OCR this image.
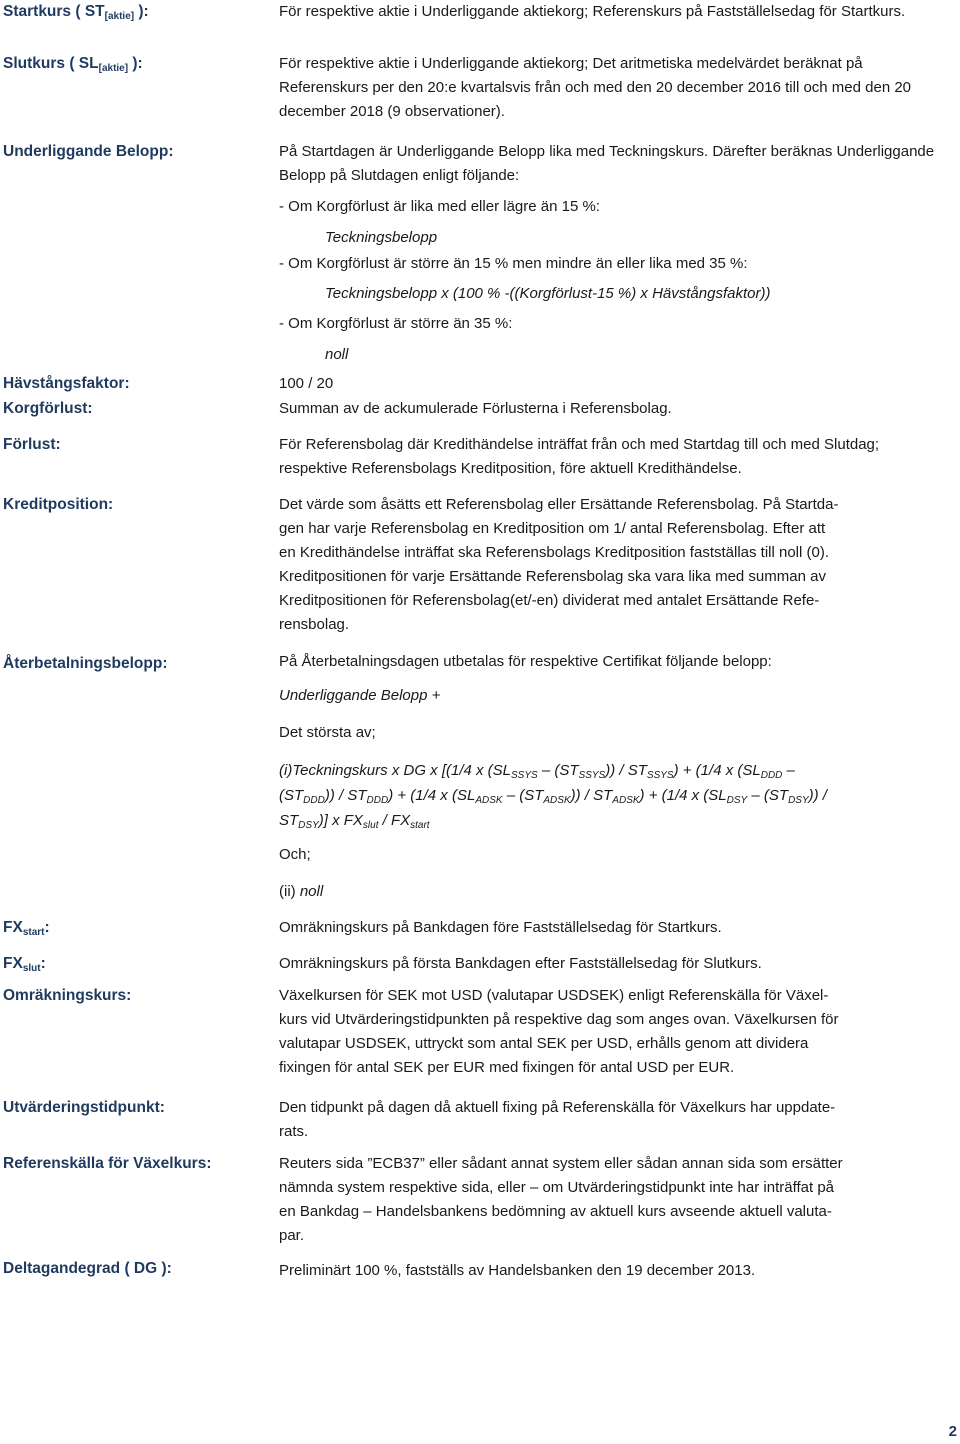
Startkurs ( $ST_{[aktie]}$ ):
Slutkurs ( $SL_{[aktie]}$ ):
Underliggande Belopp:
Hävstångsfaktor:
Korgförlust:
Förlust:
Kreditposition:
Återbetalningsbelopp:
$FX_{start}$:
$FX_{slut}$:
Omräkningskurs:
Utvärderingstidpunkt:
Referenskälla för Växelkurs:
Deltagandegrad ( DG ):
För respektive aktie i Underliggande aktiekorg; Referenskurs på Fastställelsedag för Startkurs.
För respektive aktie i Underliggande aktiekorg; Det aritmetiska medelvärdet beräknat på Referenskurs per den 20:e kvartalsvis från och med den 20 december 2016 till och med den 20 december 2018 (9 observationer).
På Startdagen är Underliggande Belopp lika med Teckningskurs. Därefter beräknas Underliggande Belopp på Slutdagen enligt följande:
- Om Korgförlust är lika med eller lägre än 15 %:
Teckningsbelopp
- Om Korgförlust är större än 15 % men mindre än eller lika med 35 %:
Teckningsbelopp x (100 % -((Korgförlust-15 %) x Hävstångsfaktor))
- Om Korgförlust är större än 35 %:
noll
100 / 20
Summan av de ackumulerade Förlusterna i Referensbolag.
För Referensbolag där Kredithändelse inträffat från och med Startdag till och med Slutdag; respektive Referensbolags Kreditposition, före aktuell Kredithändelse.
Det värde som åsätts ett Referensbolag eller Ersättande Referensbolag. På Startda-
gen har varje Referensbolag en Kreditposition om 1/ antal Referensbolag. Efter att
en Kredithändelse inträffat ska Referensbolags Kreditposition fastställas till noll (0).
Kreditpositionen för varje Ersättande Referensbolag ska vara lika med summan av
Kreditpositionen för Referensbolag(et/-en) dividerat med antalet Ersättande Refe-
rensbolag.
På Återbetalningsdagen utbetalas för respektive Certifikat följande belopp:
Underliggande Belopp +
Det största av;
(i)Teckningskurs x DG x [(1/4 x $(SL_{SSYS} - (ST_{SSYS})) / ST_{SSYS}) + (1/4$ x ($SL_{DDD}$ –
$(ST_{DDD})) / ST_{DDD}) + (1/4$ x $(SL_{ADSK} - (ST_{ADSK})) / ST_{ADSK}) + (1/4$ x $(SL_{DSY} - (ST_{DSY}))$ /
$ST_{DSY}$)] x $FX_{slut} / FX_{start}$
Och;
(ii) noll
Omräkningskurs på Bankdagen före Fastställelsedag för Startkurs.
Omräkningskurs på första Bankdagen efter Fastställelsedag för Slutkurs.
Växelkursen för SEK mot USD (valutapar USDSEK) enligt Referenskälla för Växel-
kurs vid Utvärderingstidpunkten på respektive dag som anges ovan. Växelkursen för
valutapar USDSEK, uttryckt som antal SEK per USD, erhålls genom att dividera
fixingen för antal SEK per EUR med fixingen för antal USD per EUR.
Den tidpunkt på dagen då aktuell fixing på Referenskälla för Växelkurs har uppdate-
rats.
Reuters sida ”ECB37” eller sådant annat system eller sådan annan sida som ersätter
nämnda system respektive sida, eller – om Utvärderingstidpunkt inte har inträffat på
en Bankdag – Handelsbankens bedömning av aktuell kurs avseende aktuell valuta-
par.
Preliminärt 100 %, fastställs av Handelsbanken den 19 december 2013.
2
